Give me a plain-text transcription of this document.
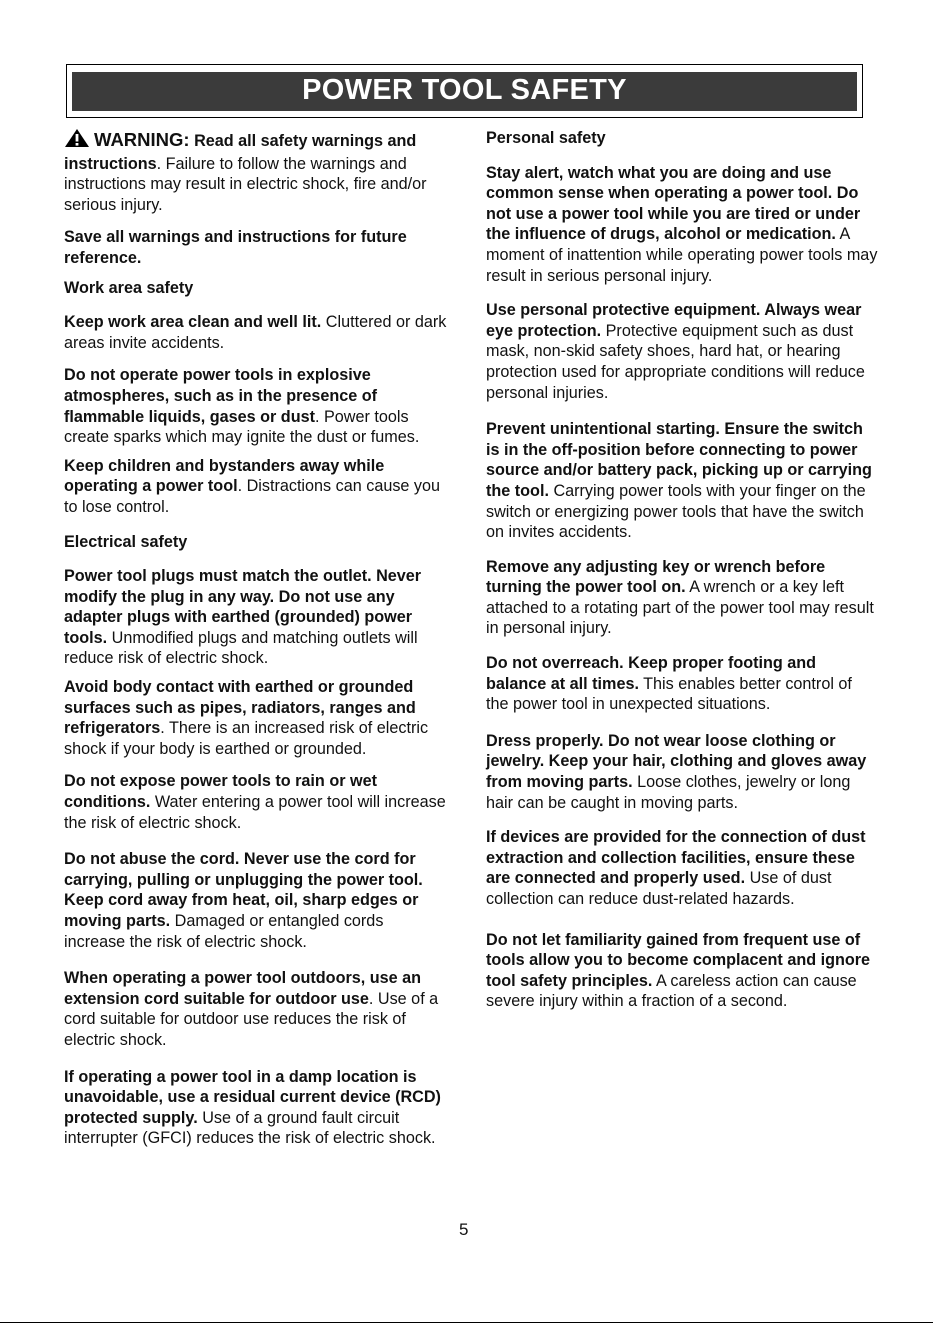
POWER TOOL SAFETY

WARNING: Read all safety warnings and instructions. Failure to follow the warnings and instructions may result in electric shock, fire and/or serious injury.

Save all warnings and instructions for future reference.

Work area safety

Keep work area clean and well lit. Cluttered or dark areas invite accidents.

Do not operate power tools in explosive atmospheres, such as in the presence of flammable liquids, gases or dust. Power tools create sparks which may ignite the dust or fumes.

Keep children and bystanders away while operating a power tool. Distractions can cause you to lose control.

Electrical safety

Power tool plugs must match the outlet. Never modify the plug in any way. Do not use any adapter plugs with earthed (grounded) power tools. Unmodified plugs and matching outlets will reduce risk of electric shock.

Avoid body contact with earthed or grounded surfaces such as pipes, radiators, ranges and refrigerators. There is an increased risk of electric shock if your body is earthed or grounded.

Do not expose power tools to rain or wet conditions. Water entering a power tool will increase the risk of electric shock.

Do not abuse the cord. Never use the cord for carrying, pulling or unplugging the power tool. Keep cord away from heat, oil, sharp edges or moving parts. Damaged or entangled cords increase the risk of electric shock.

When operating a power tool outdoors, use an extension cord suitable for outdoor use. Use of a cord suitable for outdoor use reduces the risk of electric shock.

If operating a power tool in a damp location is unavoidable, use a residual current device (RCD) protected supply. Use of a ground fault circuit interrupter (GFCI) reduces the risk of electric shock.

Personal safety

Stay alert, watch what you are doing and use common sense when operating a power tool. Do not use a power tool while you are tired or under the influence of drugs, alcohol or medication. A moment of inattention while operating power tools may result in serious personal injury.

Use personal protective equipment. Always wear eye protection. Protective equipment such as dust mask, non-skid safety shoes, hard hat, or hearing protection used for appropriate conditions will reduce personal injuries.

Prevent unintentional starting. Ensure the switch is in the off-position before connecting to power source and/or battery pack, picking up or carrying the tool. Carrying power tools with your finger on the switch or energizing power tools that have the switch on invites accidents.

Remove any adjusting key or wrench before turning the power tool on. A wrench or a key left attached to a rotating part of the power tool may result in personal injury.

Do not overreach. Keep proper footing and balance at all times. This enables better control of the power tool in unexpected situations.

Dress properly. Do not wear loose clothing or jewelry. Keep your hair, clothing and gloves away from moving parts. Loose clothes, jewelry or long hair can be caught in moving parts.

If devices are provided for the connection of dust extraction and collection facilities, ensure these are connected and properly used. Use of dust collection can reduce dust-related hazards.

Do not let familiarity gained from frequent use of tools allow you to become complacent and ignore tool safety principles. A careless action can cause severe injury within a fraction of a second.

5
